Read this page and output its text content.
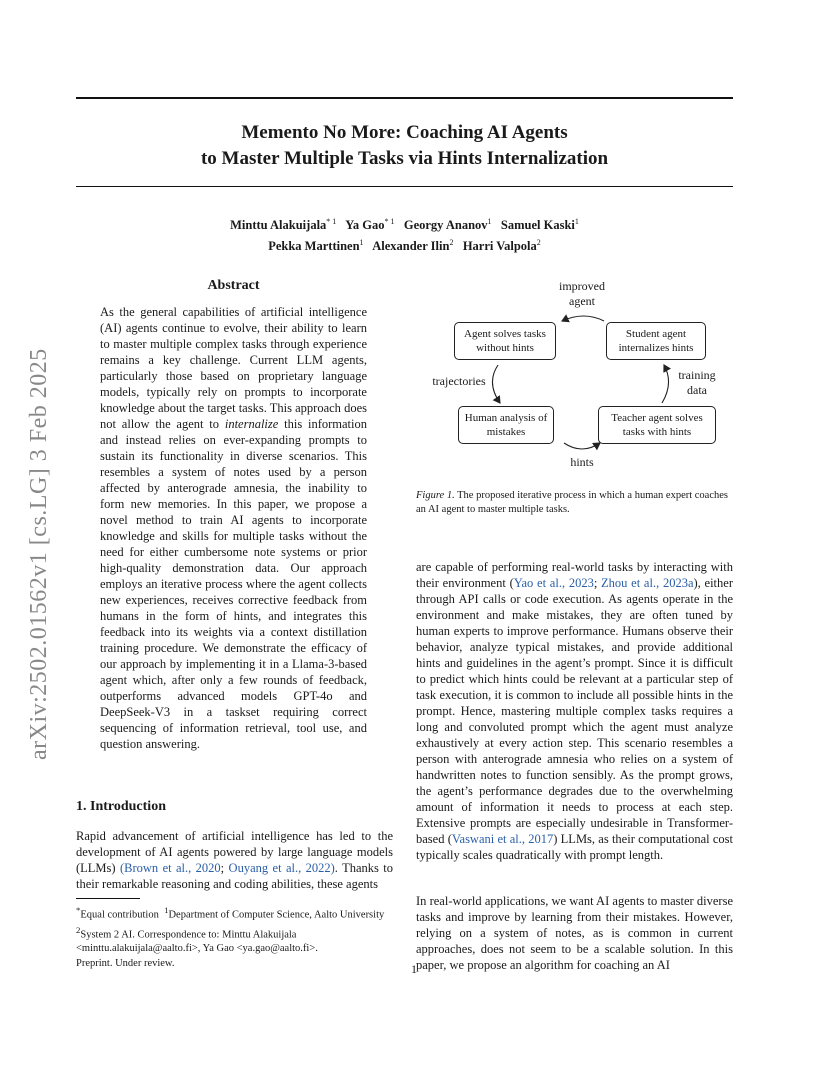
Memento No More: Coaching AI Agents
to Master Multiple Tasks via Hints Internalization
Minttu Alakuijala$^{* 1}$ Ya Gao$^{* 1}$ Georgy Ananov$^1$ Samuel Kaski$^1$
Pekka Marttinen$^1$ Alexander Ilin$^2$ Harri Valpola$^2$
arXiv:2502.01562v1 [cs.LG] 3 Feb 2025
Abstract

As the general capabilities of artificial intelligence (AI) agents continue to evolve, their ability to learn to master multiple complex tasks through experience remains a key challenge. Current LLM agents, particularly those based on proprietary language models, typically rely on prompts to incorporate knowledge about the target tasks. This approach does not allow the agent to internalize this information and instead relies on ever-expanding prompts to sustain its functionality in diverse scenarios. This resembles a system of notes used by a person affected by anterograde amnesia, the inability to form new memories. In this paper, we propose a novel method to train AI agents to incorporate knowledge and skills for multiple tasks without the need for either cumbersome note systems or prior high-quality demonstration data. Our approach employs an iterative process where the agent collects new experiences, receives corrective feedback from humans in the form of hints, and integrates this feedback into its weights via a context distillation training procedure. We demonstrate the efficacy of our approach by implementing it in a Llama-3-based agent which, after only a few rounds of feedback, outperforms advanced models GPT-4o and DeepSeek-V3 in a taskset requiring correct sequencing of information retrieval, tool use, and question answering.

1. Introduction

Rapid advancement of artificial intelligence has led to the development of AI agents powered by large language models (LLMs) (Brown et al., 2020; Ouyang et al., 2022). Thanks to their remarkable reasoning and coding abilities, these agents

*Equal contribution $^1$Department of Computer Science, Aalto University $^2$System 2 AI. Correspondence to: Minttu Alakuijala <minttu.alakuijala@aalto.fi>, Ya Gao <ya.gao@aalto.fi>.

Preprint. Under review.	1
improved agent
Agent solves tasks without hints
Student agent internalizes hints
trajectories	training data
Human analysis of mistakes
Teacher agent solves tasks with hints
hints

Figure 1. The proposed iterative process in which a human expert coaches an AI agent to master multiple tasks.

are capable of performing real-world tasks by interacting with their environment (Yao et al., 2023; Zhou et al., 2023a), either through API calls or code execution. As agents operate in the environment and make mistakes, they are often tuned by human experts to improve performance. Humans observe their behavior, analyze typical mistakes, and provide additional hints and guidelines in the agent’s prompt. Since it is difficult to predict which hints could be relevant at a particular step of task execution, it is common to include all possible hints in the prompt. Hence, mastering multiple complex tasks requires a long and convoluted prompt which the agent must analyze exhaustively at every action step. This scenario resembles a person with anterograde amnesia who relies on a system of handwritten notes to function sensibly. As the prompt grows, the agent’s performance degrades due to the overwhelming amount of information it needs to process at each step. Extensive prompts are especially undesirable in Transformer-based (Vaswani et al., 2017) LLMs, as their computational cost typically scales quadratically with prompt length.

In real-world applications, we want AI agents to master diverse tasks and improve by learning from their mistakes. However, relying on a system of notes, as is common in current approaches, does not seem to be a scalable solution. In this paper, we propose an algorithm for coaching an AI
